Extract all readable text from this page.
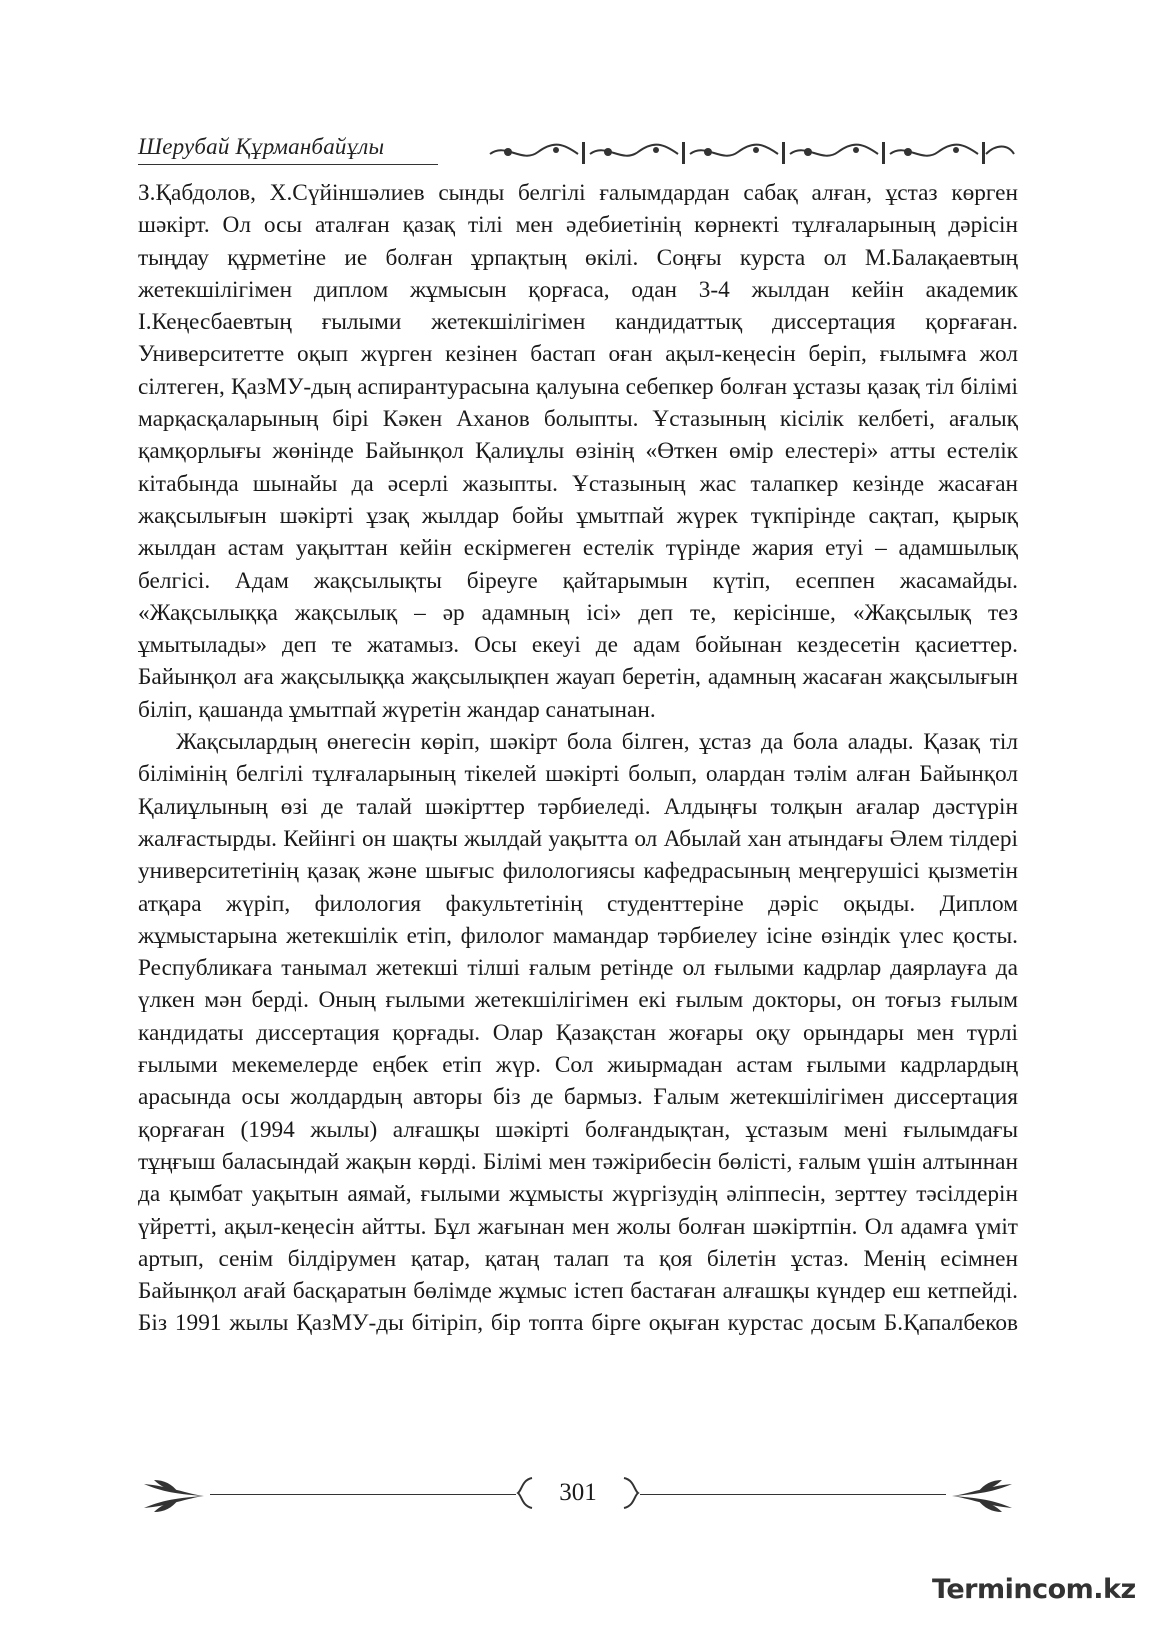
Шерубай Құрманбайұлы

З.Қабдолов, Х.Сүйіншәлиев сынды белгілі ғалымдардан сабақ алған, ұстаз көрген шәкірт. Ол осы аталған қазақ тілі мен әдебиетінің көрнекті тұлғаларының дәрісін тыңдау құрметіне ие болған ұрпақтың өкілі. Соңғы курста ол М.Балақаевтың жетекшілігімен диплом жұмысын қорғаса, одан 3-4 жылдан кейін академик І.Кеңесбаевтың ғылыми жетекшілігімен кандидаттық диссертация қорғаған. Университетте оқып жүрген кезінен бастап оған ақыл-кеңесін беріп, ғылымға жол сілтеген, ҚазМУ-дың аспирантурасына қалуына себепкер болған ұстазы қазақ тіл білімі марқасқаларының бірі Кәкен Аханов болыпты. Ұстазының кісілік келбеті, ағалық қамқорлығы жөнінде Байынқол Қалиұлы өзінің «Өткен өмір елестері» атты естелік кітабында шынайы да әсерлі жазыпты. Ұстазының жас талапкер кезінде жасаған жақсылығын шәкірті ұзақ жылдар бойы ұмытпай жүрек түкпірінде сақтап, қырық жылдан астам уақыттан кейін ескірмеген естелік түрінде жария етуі – адамшылық белгісі. Адам жақсылықты біреуге қайтарымын күтіп, есеппен жасамайды. «Жақсылыққа жақсылық – әр адамның ісі» деп те, керісінше, «Жақсылық тез ұмытылады» деп те жатамыз. Осы екеуі де адам бойынан кездесетін қасиеттер. Байынқол аға жақсылыққа жақсылықпен жауап беретін, адамның жасаған жақсылығын біліп, қашанда ұмытпай жүретін жандар санатынан.

Жақсылардың өнегесін көріп, шәкірт бола білген, ұстаз да бола алады. Қазақ тіл білімінің белгілі тұлғаларының тікелей шәкірті болып, олардан тәлім алған Байынқол Қалиұлының өзі де талай шәкірттер тәрбиеледі. Алдыңғы толқын ағалар дәстүрін жалғастырды. Кейінгі он шақты жылдай уақытта ол Абылай хан атындағы Әлем тілдері университетінің қазақ және шығыс филологиясы кафедрасының меңгерушісі қызметін атқара жүріп, филология факультетінің студенттеріне дәріс оқыды. Диплом жұмыстарына жетекшілік етіп, филолог мамандар тәрбиелеу ісіне өзіндік үлес қосты. Республикаға танымал жетекші тілші ғалым ретінде ол ғылыми кадрлар даярлауға да үлкен мән берді. Оның ғылыми жетекшілігімен екі ғылым докторы, он тоғыз ғылым кандидаты диссертация қорғады. Олар Қазақстан жоғары оқу орындары мен түрлі ғылыми мекемелерде еңбек етіп жүр. Сол жиырмадан астам ғылыми кадрлардың арасында осы жолдардың авторы біз де бармыз. Ғалым жетекшілігімен диссертация қорғаған (1994 жылы) алғашқы шәкірті болғандықтан, ұстазым мені ғылымдағы тұңғыш баласындай жақын көрді. Білімі мен тәжірибесін бөлісті, ғалым үшін алтыннан да қымбат уақытын аямай, ғылыми жұмысты жүргізудің әліппесін, зерттеу тәсілдерін үйретті, ақыл-кеңесін айтты. Бұл жағынан мен жолы болған шәкіртпін. Ол адамға үміт артып, сенім білдірумен қатар, қатаң талап та қоя білетін ұстаз. Менің есімнен Байынқол ағай басқаратын бөлімде жұмыс істеп бастаған алғашқы күндер еш кетпейді. Біз 1991 жылы ҚазМУ-ды бітіріп, бір топта бірге оқыған курстас досым Б.Қапалбеков

301
Termincom.kz
